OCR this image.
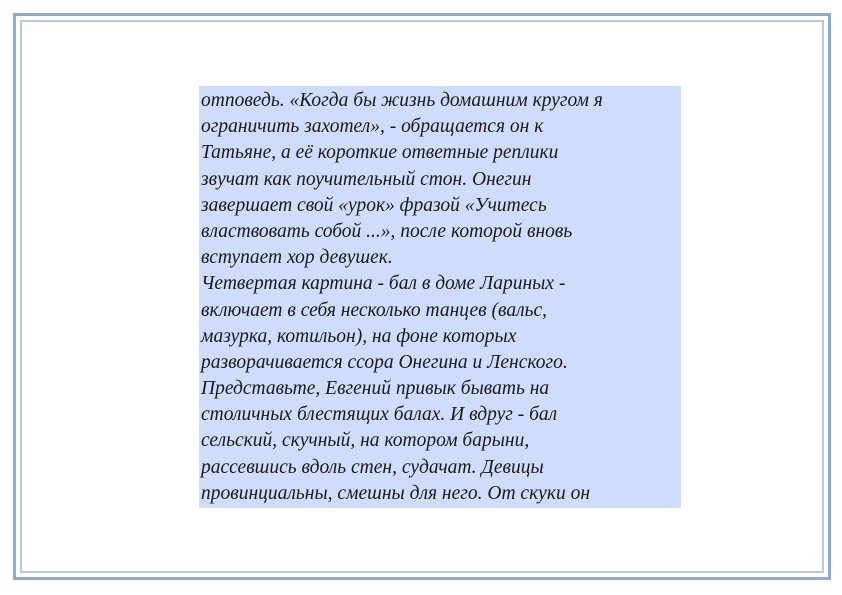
отповедь. «Когда бы жизнь домашним кругом я
ограничить захотел», - обращается он к
Татьяне, а её короткие ответные реплики
звучат как поучительный стон. Онегин
завершает свой «урок» фразой «Учитесь
властвовать собой ...», после которой вновь
вступает хор девушек.
Четвертая картина - бал в доме Лариных -
включает в себя несколько танцев (вальс,
мазурка, котильон), на фоне которых
разворачивается ссора Онегина и Ленского.
Представьте, Евгений привык бывать на
столичных блестящих балах. И вдруг - бал
сельский, скучный, на котором барыни,
рассевшись вдоль стен, судачат. Девицы
провинциальны, смешны для него. От скуки он
